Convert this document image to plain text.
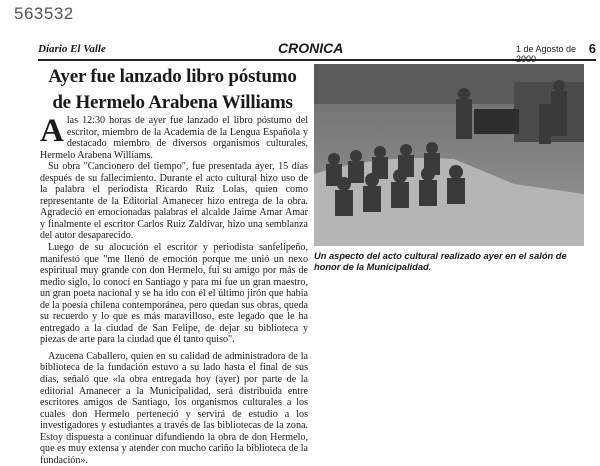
563532
Diario El Valle	CRONICA	1 de Agosto de 2000
6
Ayer fue lanzado libro póstumo
de Hermelo Arabena Williams

Alas 12:30 horas de ayer fue lanzado el libro póstumo del escritor, miembro de la Academia de la Lengua Española y destacado miembro de diversos organismos culturales, Hermelo Arabena Williams.

Su obra "Cancionero del tiempo", fue presentada ayer, 15 días después de su fallecimiento. Durante el acto cultural hizo uso de la palabra el periodista Ricardo Ruiz Lolas, quien como representante de la Editorial Amanecer hizo entrega de la obra. Agradeció en emocionadas palabras el alcalde Jaime Amar Amar y finalmente el escritor Carlos Ruiz Zaldívar, hizo una semblanza del autor desaparecido.

Luego de su alocución el escritor y periodista sanfelipeño, manifestó que "me llenó de emoción porque me unió un nexo espiritual muy grande con don Hermelo, fui su amigo por más de medio siglo, lo conocí en Santiago y para mí fue un gran maestro, un gran poeta nacional y se ha ido con él el último jirón que había de la poesía chilena contemporánea, pero quedan sus obras, queda su recuerdo y lo que es más maravilloso, este legado que le ha entregado a la ciudad de San Felipe, de dejar su biblioteca y piezas de arte para la ciudad que él tanto quiso".

Azucena Caballero, quien en su calidad de administradora de la biblioteca de la fundación estuvo a su lado hasta el final de sus días, señaló que «la obra entregada hoy (ayer) por parte de la editorial Amanecer a la Municipalidad, será distribuida entre escritores amigos de Santiago, los organismos culturales a los cuales don Hermelo perteneció y servirá de estudio a los investigadores y estudiantes a través de las bibliotecas de la zona. Estoy dispuesta a continuar difundiendo la obra de don Hermelo, que es muy extensa y atender con mucho cariño la biblioteca de la fundación».

Un aspecto del acto cultural realizado ayer en el salón de honor de la Municipalidad.
